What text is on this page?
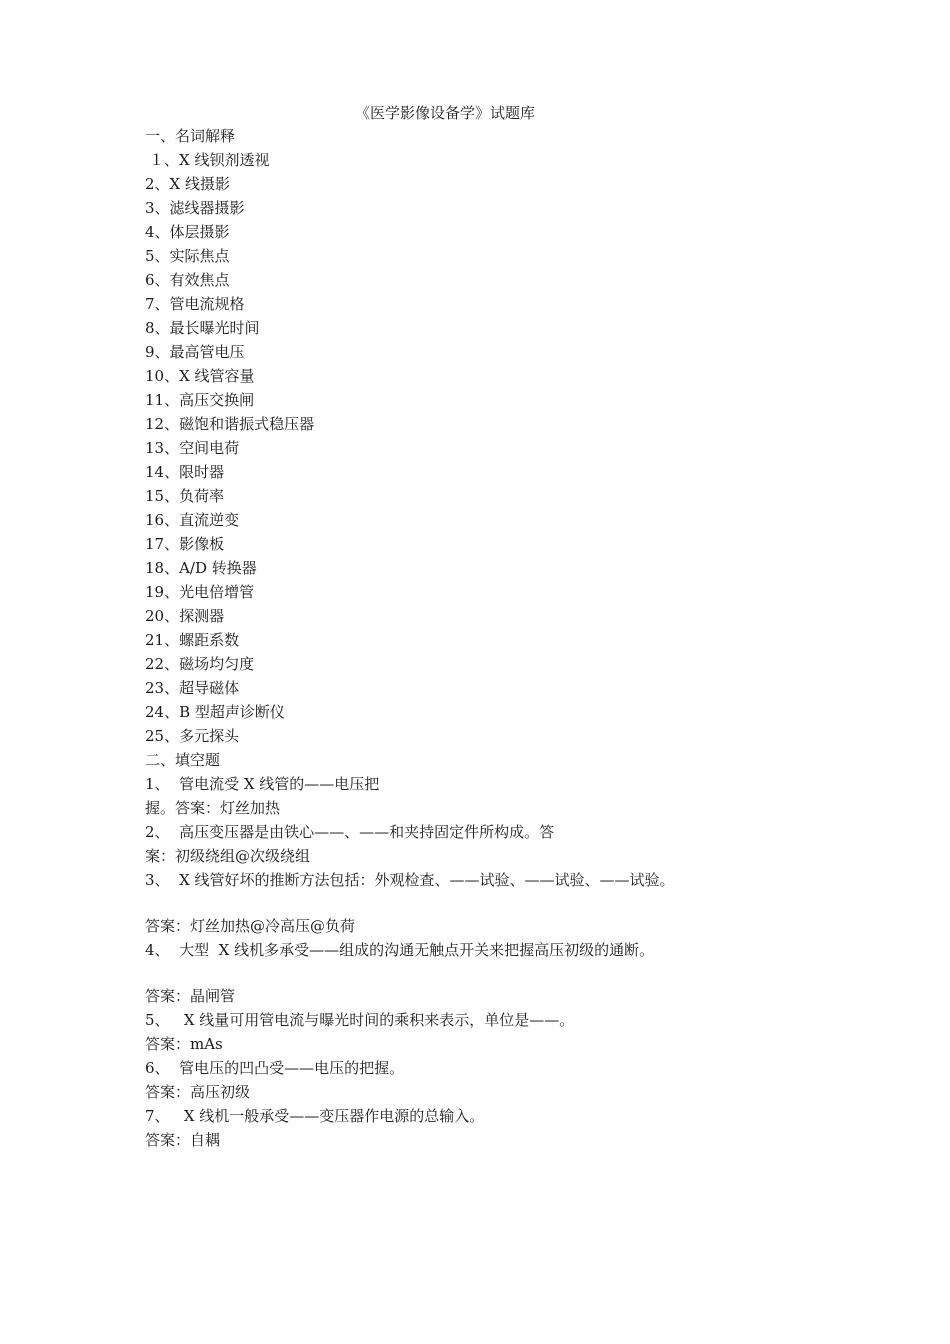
《医学影像设备学》试题库
一、名词解释
１、X 线钡剂透视
2、X 线摄影
3、滤线器摄影
4、体层摄影
5、实际焦点
6、有效焦点
7、管电流规格
8、最长曝光时间
9、最高管电压
10、X 线管容量
11、高压交换闸
12、磁饱和谐振式稳压器
13、空间电荷
14、限时器
15、负荷率
16、直流逆变
17、影像板
18、A/D 转换器
19、光电倍增管
20、探测器
21、螺距系数
22、磁场均匀度
23、超导磁体
24、B 型超声诊断仪
25、多元探头
二、填空题
1、  管电流受 X 线管的——电压把
握。答案：灯丝加热
2、  高压变压器是由铁心——、——和夹持固定件所构成。答
案：初级绕组@次级绕组
3、  X 线管好坏的推断方法包括：外观检查、——试验、——试验、——试验。
答案：灯丝加热@冷高压@负荷
4、  大型  X 线机多承受——组成的沟通无触点开关来把握高压初级的通断。
答案：晶闸管
5、   X 线量可用管电流与曝光时间的乘积来表示，单位是——。
答案：mAs
6、  管电压的凹凸受——电压的把握。
答案：高压初级
7、   X 线机一般承受——变压器作电源的总输入。
答案：自耦
